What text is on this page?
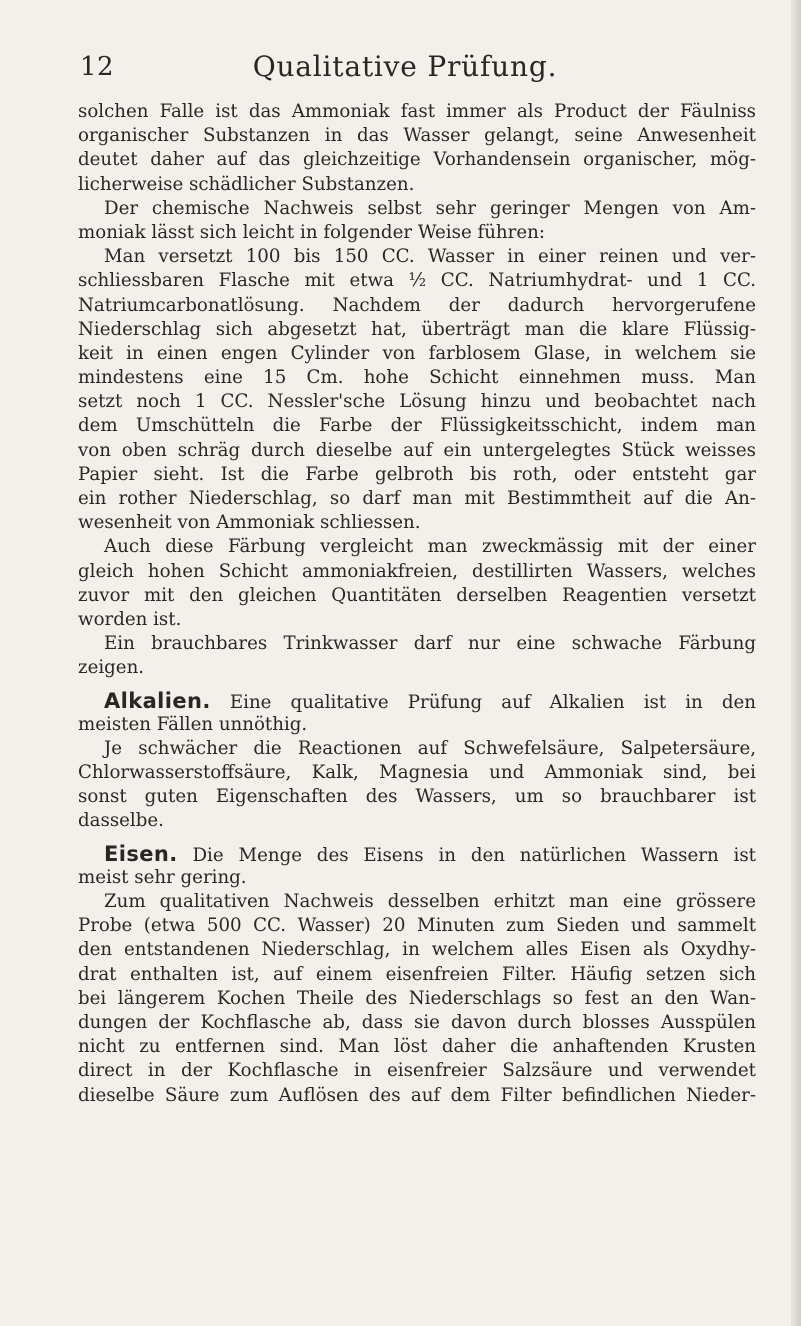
12	Qualitative Prüfung.
solchen Falle ist das Ammoniak fast immer als Product der Fäulniss
organischer Substanzen in das Wasser gelangt, seine Anwesenheit
deutet daher auf das gleichzeitige Vorhandensein organischer, mög-
licherweise schädlicher Substanzen.
Der chemische Nachweis selbst sehr geringer Mengen von Am-
moniak lässt sich leicht in folgender Weise führen:
Man versetzt 100 bis 150 CC. Wasser in einer reinen und ver-
schliessbaren Flasche mit etwa ½ CC. Natriumhydrat- und 1 CC.
Natriumcarbonatlösung. Nachdem der dadurch hervorgerufene
Niederschlag sich abgesetzt hat, überträgt man die klare Flüssig-
keit in einen engen Cylinder von farblosem Glase, in welchem sie
mindestens eine 15 Cm. hohe Schicht einnehmen muss. Man
setzt noch 1 CC. Nessler'sche Lösung hinzu und beobachtet nach
dem Umschütteln die Farbe der Flüssigkeitsschicht, indem man
von oben schräg durch dieselbe auf ein untergelegtes Stück weisses
Papier sieht. Ist die Farbe gelbroth bis roth, oder entsteht gar
ein rother Niederschlag, so darf man mit Bestimmtheit auf die An-
wesenheit von Ammoniak schliessen.
Auch diese Färbung vergleicht man zweckmässig mit der einer
gleich hohen Schicht ammoniakfreien, destillirten Wassers, welches
zuvor mit den gleichen Quantitäten derselben Reagentien versetzt
worden ist.
Ein brauchbares Trinkwasser darf nur eine schwache Färbung
zeigen.
Alkalien. Eine qualitative Prüfung auf Alkalien ist in den
meisten Fällen unnöthig.
Je schwächer die Reactionen auf Schwefelsäure, Salpetersäure,
Chlorwasserstoffsäure, Kalk, Magnesia und Ammoniak sind, bei
sonst guten Eigenschaften des Wassers, um so brauchbarer ist
dasselbe.
Eisen. Die Menge des Eisens in den natürlichen Wassern ist
meist sehr gering.
Zum qualitativen Nachweis desselben erhitzt man eine grössere
Probe (etwa 500 CC. Wasser) 20 Minuten zum Sieden und sammelt
den entstandenen Niederschlag, in welchem alles Eisen als Oxydhy-
drat enthalten ist, auf einem eisenfreien Filter. Häufig setzen sich
bei längerem Kochen Theile des Niederschlags so fest an den Wan-
dungen der Kochflasche ab, dass sie davon durch blosses Ausspülen
nicht zu entfernen sind. Man löst daher die anhaftenden Krusten
direct in der Kochflasche in eisenfreier Salzsäure und verwendet
dieselbe Säure zum Auflösen des auf dem Filter befindlichen Nieder-
